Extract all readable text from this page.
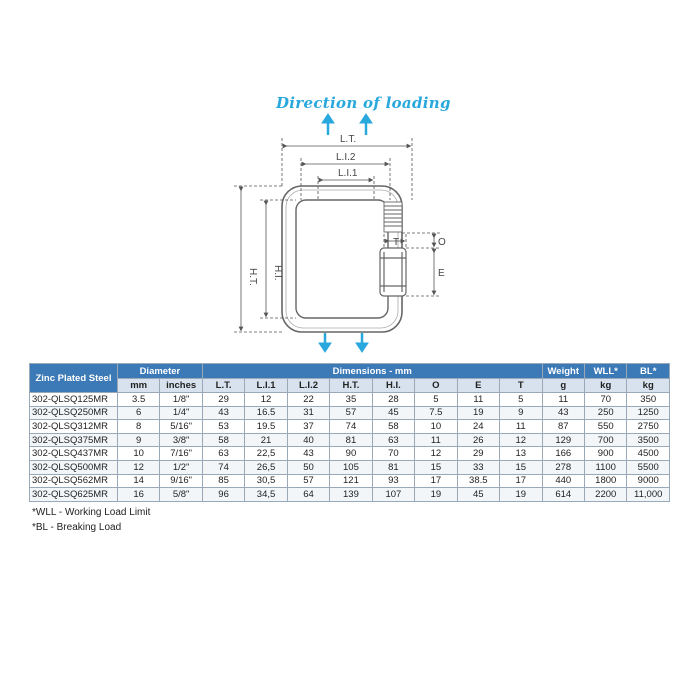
Direction of loading
L.T.
L.I.2
L.I.1
H.T. H.I.
T	O
E
Zinc Plated Steel	Diameter		Dimensions - mm								Weight	WLL*	BL*
	mm	inches	L.T.	L.I.1	L.I.2	H.T.	H.I.	O	E	T	g	kg	kg
302-QLSQ125MR	3.5	1/8"	29	12	22	35	28	5	11	5	11	70	350
302-QLSQ250MR	6	1/4"	43	16.5	31	57	45	7.5	19	9	43	250	1250
302-QLSQ312MR	8	5/16"	53	19.5	37	74	58	10	24	11	87	550	2750
302-QLSQ375MR	9	3/8"	58	21	40	81	63	11	26	12	129	700	3500
302-QLSQ437MR	10	7/16"	63	22,5	43	90	70	12	29	13	166	900	4500
302-QLSQ500MR	12	1/2"	74	26,5	50	105	81	15	33	15	278	1100	5500
302-QLSQ562MR	14	9/16"	85	30,5	57	121	93	17	38.5	17	440	1800	9000
302-QLSQ625MR	16	5/8"	96	34,5	64	139	107	19	45	19	614	2200	11,000
*WLL - Working Load Limit
*BL - Breaking Load
